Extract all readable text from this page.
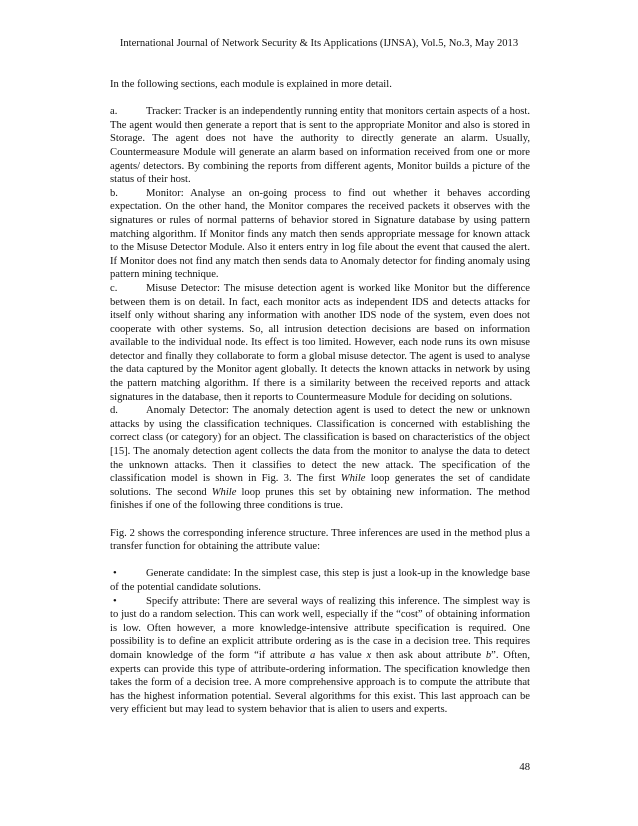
International Journal of Network Security & Its Applications (IJNSA), Vol.5, No.3, May 2013

In the following sections, each module is explained in more detail.

a.	Tracker: Tracker is an independently running entity that monitors certain aspects of a host. The agent would then generate a report that is sent to the appropriate Monitor and also is stored in Storage. The agent does not have the authority to directly generate an alarm. Usually, Countermeasure Module will generate an alarm based on information received from one or more agents/ detectors. By combining the reports from different agents, Monitor builds a picture of the status of their host.

b.	Monitor: Analyse an on-going process to find out whether it behaves according expectation. On the other hand, the Monitor compares the received packets it observes with the signatures or rules of normal patterns of behavior stored in Signature database by using pattern matching algorithm. If Monitor finds any match then sends appropriate message for known attack to the Misuse Detector Module. Also it enters entry in log file about the event that caused the alert. If Monitor does not find any match then sends data to Anomaly detector for finding anomaly using pattern mining technique.

c.	Misuse Detector: The misuse detection agent is worked like Monitor but the difference between them is on detail. In fact, each monitor acts as independent IDS and detects attacks for itself only without sharing any information with another IDS node of the system, even does not cooperate with other systems. So, all intrusion detection decisions are based on information available to the individual node. Its effect is too limited. However, each node runs its own misuse detector and finally they collaborate to form a global misuse detector. The agent is used to analyse the data captured by the Monitor agent globally. It detects the known attacks in network by using the pattern matching algorithm. If there is a similarity between the received reports and attack signatures in the database, then it reports to Countermeasure Module for deciding on solutions.

d.	Anomaly Detector: The anomaly detection agent is used to detect the new or unknown attacks by using the classification techniques. Classification is concerned with establishing the correct class (or category) for an object. The classification is based on characteristics of the object [15]. The anomaly detection agent collects the data from the monitor to analyse the data to detect the unknown attacks. Then it classifies to detect the new attack. The specification of the classification model is shown in Fig. 3. The first While loop generates the set of candidate solutions. The second While loop prunes this set by obtaining new information. The method finishes if one of the following three conditions is true.

Fig. 2 shows the corresponding inference structure. Three inferences are used in the method plus a transfer function for obtaining the attribute value:

•	Generate candidate: In the simplest case, this step is just a look-up in the knowledge base of the potential candidate solutions.

•	Specify attribute: There are several ways of realizing this inference. The simplest way is to just do a random selection. This can work well, especially if the “cost” of obtaining information is low. Often however, a more knowledge-intensive attribute specification is required. One possibility is to define an explicit attribute ordering as is the case in a decision tree. This requires domain knowledge of the form “if attribute a has value x then ask about attribute b”. Often, experts can provide this type of attribute-ordering information. The specification knowledge then takes the form of a decision tree. A more comprehensive approach is to compute the attribute that has the highest information potential. Several algorithms for this exist. This last approach can be very efficient but may lead to system behavior that is alien to users and experts.

48
